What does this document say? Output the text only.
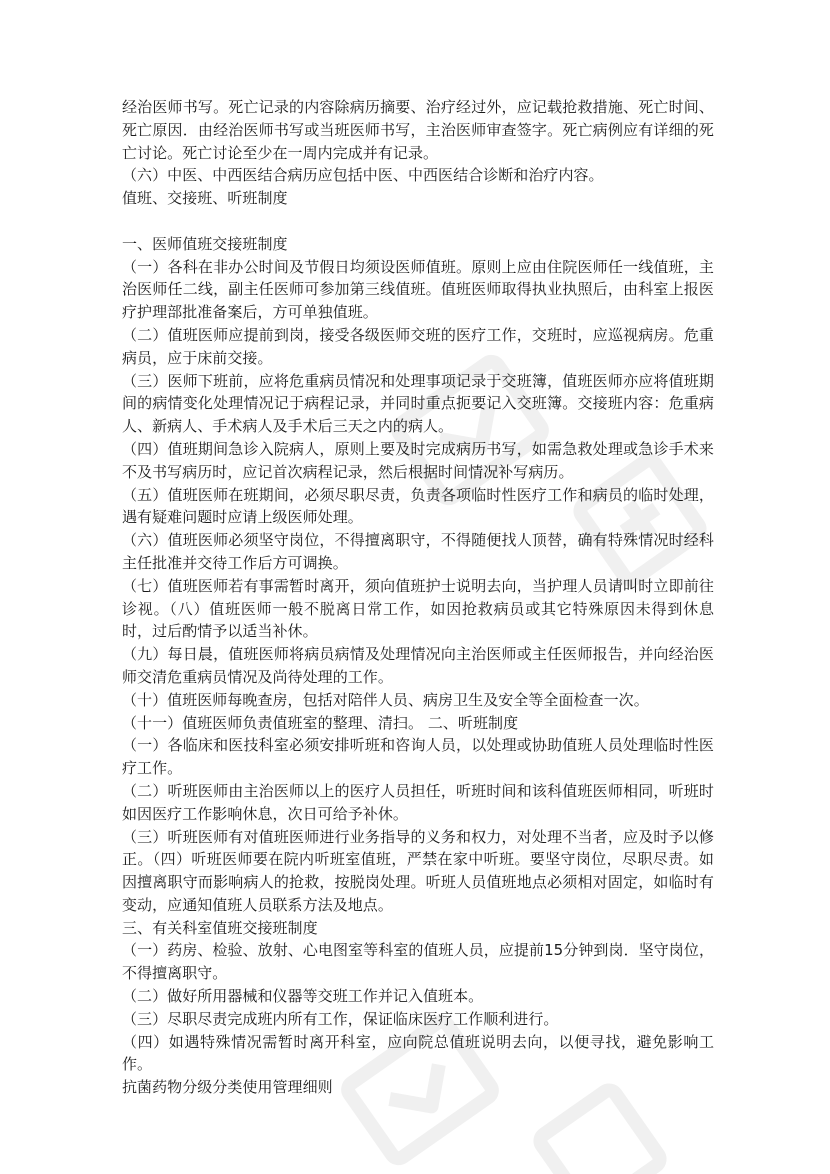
经治医师书写。死亡记录的内容除病历摘要、治疗经过外，应记载抢救措施、死亡时间、死亡原因．由经治医师书写或当班医师书写，主治医师审查签字。死亡病例应有详细的死亡讨论。死亡讨论至少在一周内完成并有记录。

（六）中医、中西医结合病历应包括中医、中西医结合诊断和治疗内容。

值班、交接班、听班制度

一、医师值班交接班制度

（一）各科在非办公时间及节假日均须设医师值班。原则上应由住院医师任一线值班，主治医师任二线，副主任医师可参加第三线值班。值班医师取得执业执照后，由科室上报医疗护理部批准备案后，方可单独值班。

（二）值班医师应提前到岗，接受各级医师交班的医疗工作，交班时，应巡视病房。危重病员，应于床前交接。

（三）医师下班前，应将危重病员情况和处理事项记录于交班簿，值班医师亦应将值班期间的病情变化处理情况记于病程记录，并同时重点扼要记入交班簿。交接班内容：危重病人、新病人、手术病人及手术后三天之内的病人。

（四）值班期间急诊入院病人，原则上要及时完成病历书写，如需急救处理或急诊手术来不及书写病历时，应记首次病程记录，然后根据时间情况补写病历。

（五）值班医师在班期间，必须尽职尽责，负责各项临时性医疗工作和病员的临时处理，遇有疑难问题时应请上级医师处理。

（六）值班医师必须坚守岗位，不得擅离职守，不得随便找人顶替，确有特殊情况时经科主任批准并交待工作后方可调换。

（七）值班医师若有事需暂时离开，须向值班护士说明去向，当护理人员请叫时立即前往诊视。（八）值班医师一般不脱离日常工作，如因抢救病员或其它特殊原因未得到休息时，过后酌情予以适当补休。

（九）每日晨，值班医师将病员病情及处理情况向主治医师或主任医师报告，并向经治医师交清危重病员情况及尚待处理的工作。

（十）值班医师每晚查房，包括对陪伴人员、病房卫生及安全等全面检查一次。

（十一）值班医师负责值班室的整理、清扫。 二、听班制度

（一）各临床和医技科室必须安排听班和咨询人员，以处理或协助值班人员处理临时性医疗工作。

（二）听班医师由主治医师以上的医疗人员担任，听班时间和该科值班医师相同，听班时如因医疗工作影响休息，次日可给予补休。

（三）听班医师有对值班医师进行业务指导的义务和权力，对处理不当者，应及时予以修正。（四）听班医师要在院内听班室值班，严禁在家中听班。要坚守岗位，尽职尽责。如因擅离职守而影响病人的抢救，按脱岗处理。听班人员值班地点必须相对固定，如临时有变动，应通知值班人员联系方法及地点。

三、有关科室值班交接班制度

（一）药房、检验、放射、心电图室等科室的值班人员，应提前15分钟到岗．坚守岗位，不得擅离职守。

（二）做好所用器械和仪器等交班工作并记入值班本。

（三）尽职尽责完成班内所有工作，保证临床医疗工作顺利进行。

（四）如遇特殊情况需暂时离开科室，应向院总值班说明去向，以便寻找，避免影响工作。

抗菌药物分级分类使用管理细则
